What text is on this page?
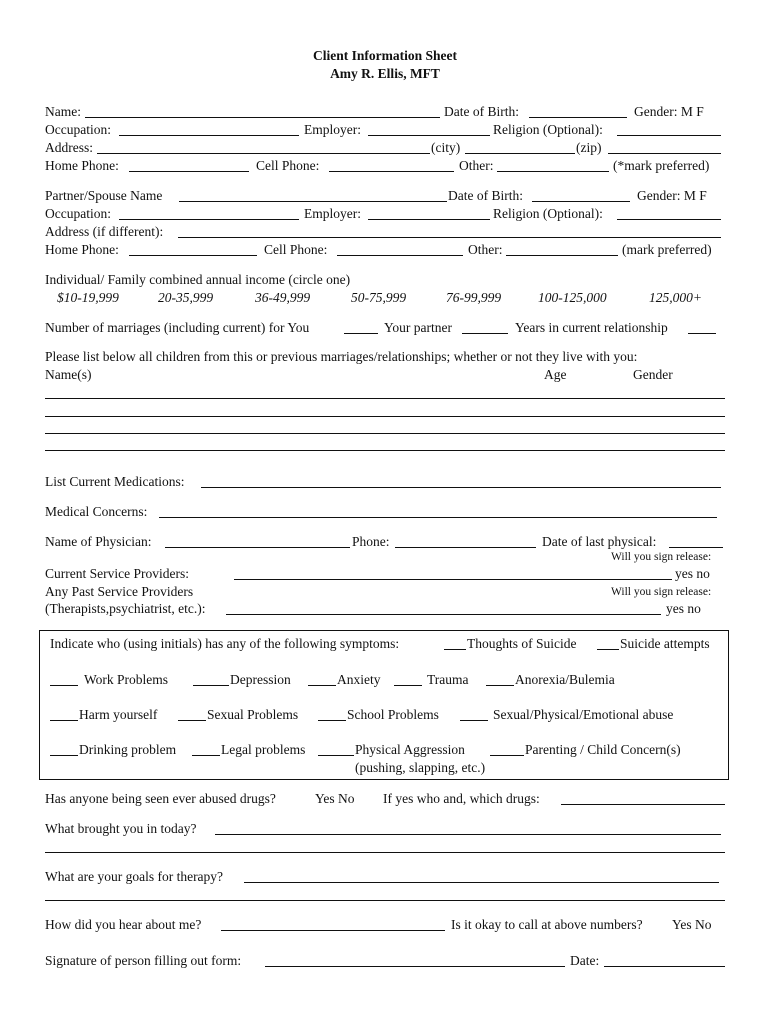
Client Information Sheet
Amy R. Ellis, MFT
Name:	Date of Birth:	Gender: M F
Occupation:	Employer:	Religion (Optional):
Address:	(city)	(zip)
Home Phone:	Cell Phone:	Other:	(*mark preferred)
Partner/Spouse Name	Date of Birth:	Gender: M F
Occupation:	Employer:	Religion (Optional):
Address (if different):
Home Phone:	Cell Phone:	Other:	(mark preferred)
Individual/ Family combined annual income (circle one)
$10-19,999	20-35,999	36-49,999	50-75,999	76-99,999	100-125,000	125,000+
Number of marriages (including current) for You	Your partner	Years in current relationship
Please list below all children from this or previous marriages/relationships; whether or not they live with you:
Name(s)	Age	Gender
List Current Medications:
Medical Concerns:
Name of Physician:	Phone:	Date of last physical:
Will you sign release:
Current Service Providers:	yes no
Any Past Service Providers	Will you sign release:
(Therapists,psychiatrist, etc.):	yes no
Indicate who (using initials) has any of the following symptoms:	Thoughts of Suicide	Suicide attempts
Work Problems	Depression	Anxiety	Trauma	Anorexia/Bulemia
Harm yourself	Sexual Problems	School Problems	Sexual/Physical/Emotional abuse
Drinking problem	Legal problems	Physical Aggression	Parenting / Child Concern(s)
(pushing, slapping, etc.)
Has anyone being seen ever abused drugs?	Yes No If yes who and, which drugs:
What brought you in today?
What are your goals for therapy?
How did you hear about me?	Is it okay to call at above numbers? Yes No
Signature of person filling out form:	Date:
